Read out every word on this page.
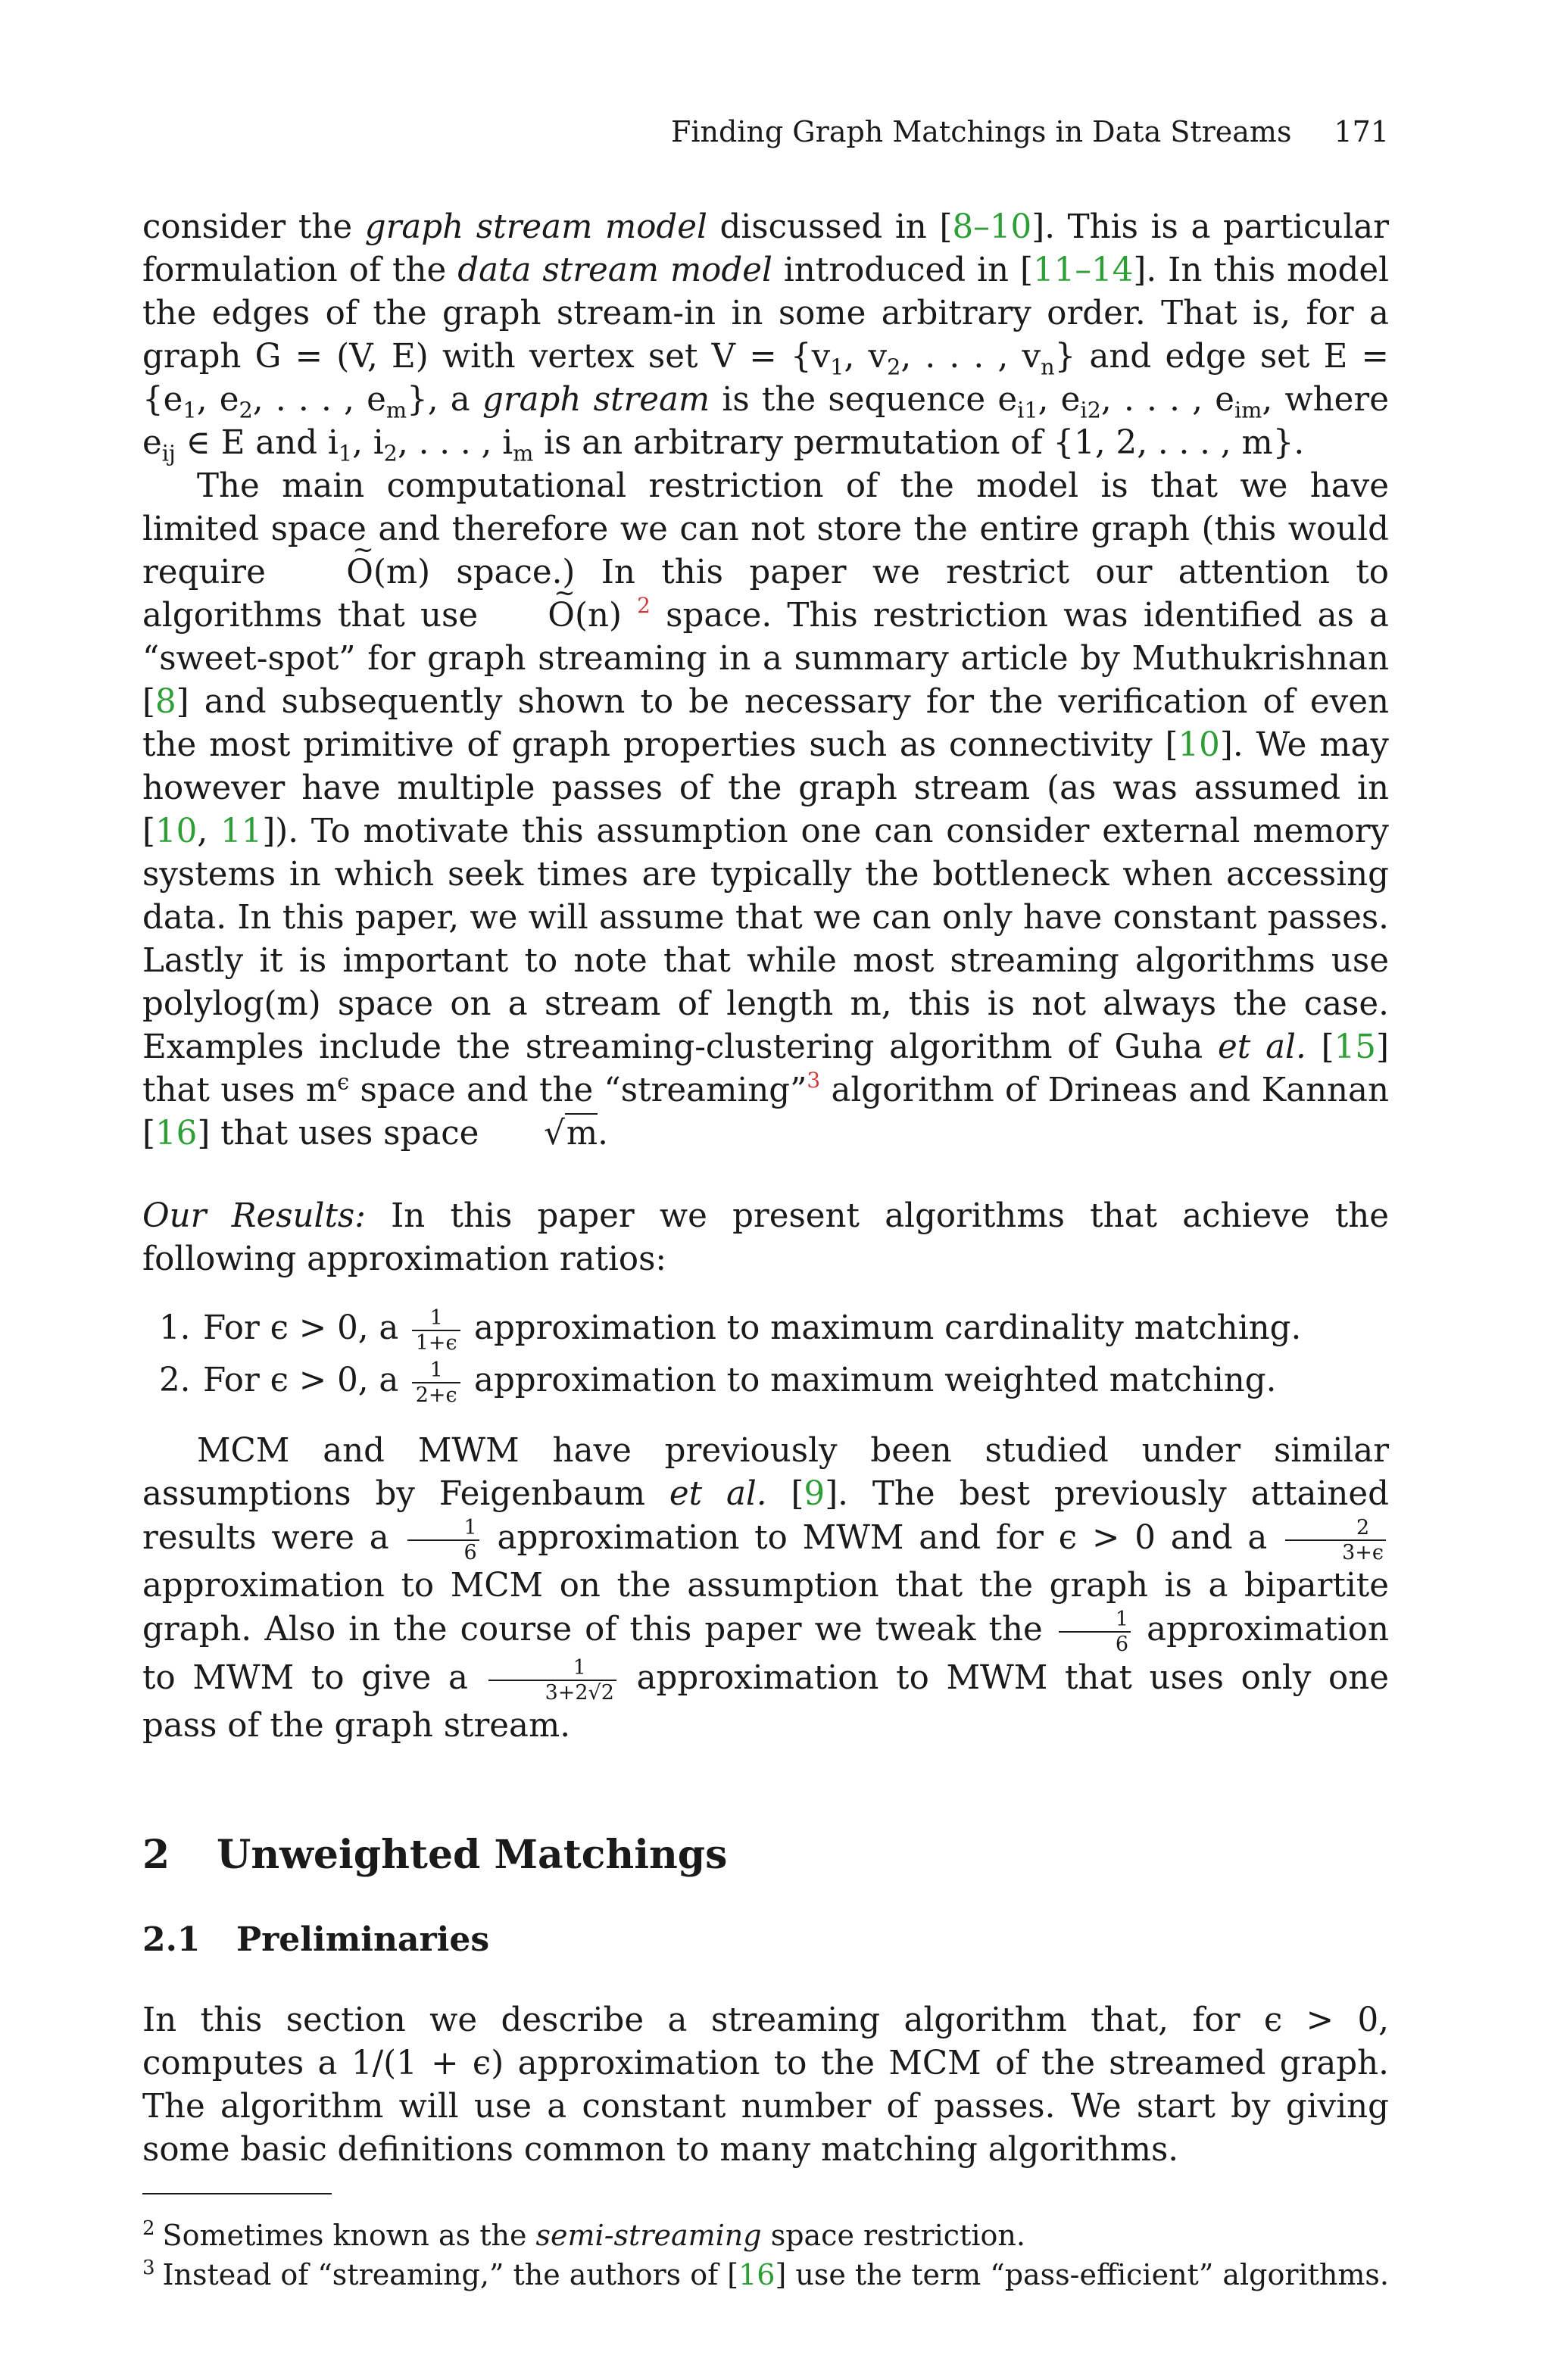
Finding Graph Matchings in Data Streams 171

consider the graph stream model discussed in [8–10]. This is a particular formulation of the data stream model introduced in [11–14]. In this model the edges of the graph stream-in in some arbitrary order. That is, for a graph G = (V, E) with vertex set $V = \{v_1$, $v_2$, . . . , $v_n$} and edge set $E = \{e_1$, $e_2$, . . . , $e_m$}, a graph stream is the sequence $e_{i1}$, $e_{i2}$, . . . , $e_{im}$, where $e_{ij}$ ∈ E and $i_1$, $i_2$, . . . , $i_m$ is an arbitrary permutation of {1, 2, . . . , m}.

The main computational restriction of the model is that we have limited space and therefore we can not store the entire graph (this would require ~ O(m) space.) In this paper we restrict our attention to algorithms that use ~ O(n) $^2$ space. This restriction was identified as a “sweet-spot” for graph streaming in a summary article by Muthukrishnan [8] and subsequently shown to be necessary for the verification of even the most primitive of graph properties such as connectivity [10]. We may however have multiple passes of the graph stream (as was assumed in [10, 11]). To motivate this assumption one can consider external memory systems in which seek times are typically the bottleneck when accessing data. In this paper, we will assume that we can only have constant passes. Lastly it is important to note that while most streaming algorithms use polylog(m) space on a stream of length m, this is not always the case. Examples include the streaming-clustering algorithm of Guha et al. [15] that uses $m^\epsilon$ space and the “streaming”$^3$ algorithm of Drineas and Kannan [16] that uses space √m.

Our Results: In this paper we present algorithms that achieve the following approximation ratios:

1. For ϵ > 0, a $\frac{1}{1+\epsilon}$ approximation to maximum cardinality matching.
2. For ϵ > 0, a $\frac{1}{2+\epsilon}$ approximation to maximum weighted matching.

MCM and MWM have previously been studied under similar assumptions by Feigenbaum et al. [9]. The best previously attained results were a $\frac{1}{6}$ approximation to MWM and for ϵ > 0 and a $\frac{2}{3+\epsilon}$
approximation to MCM on the assumption that the graph is a bipartite graph. Also in the course of this paper we tweak the $\frac{1}{6}$ approximation to MWM to give a $\frac{1}{3+2√2}$ approximation to MWM that uses only one pass of the graph stream.

2 Unweighted Matchings
2.1 Preliminaries

In this section we describe a streaming algorithm that, for ϵ > 0, computes a 1/(1 + ϵ) approximation to the MCM of the streamed graph. The algorithm will use a constant number of passes. We start by giving some basic definitions common to many matching algorithms.

$^2$ Sometimes known as the semi-streaming space restriction.
$^3$ Instead of “streaming,” the authors of [16] use the term “pass-efficient” algorithms.
